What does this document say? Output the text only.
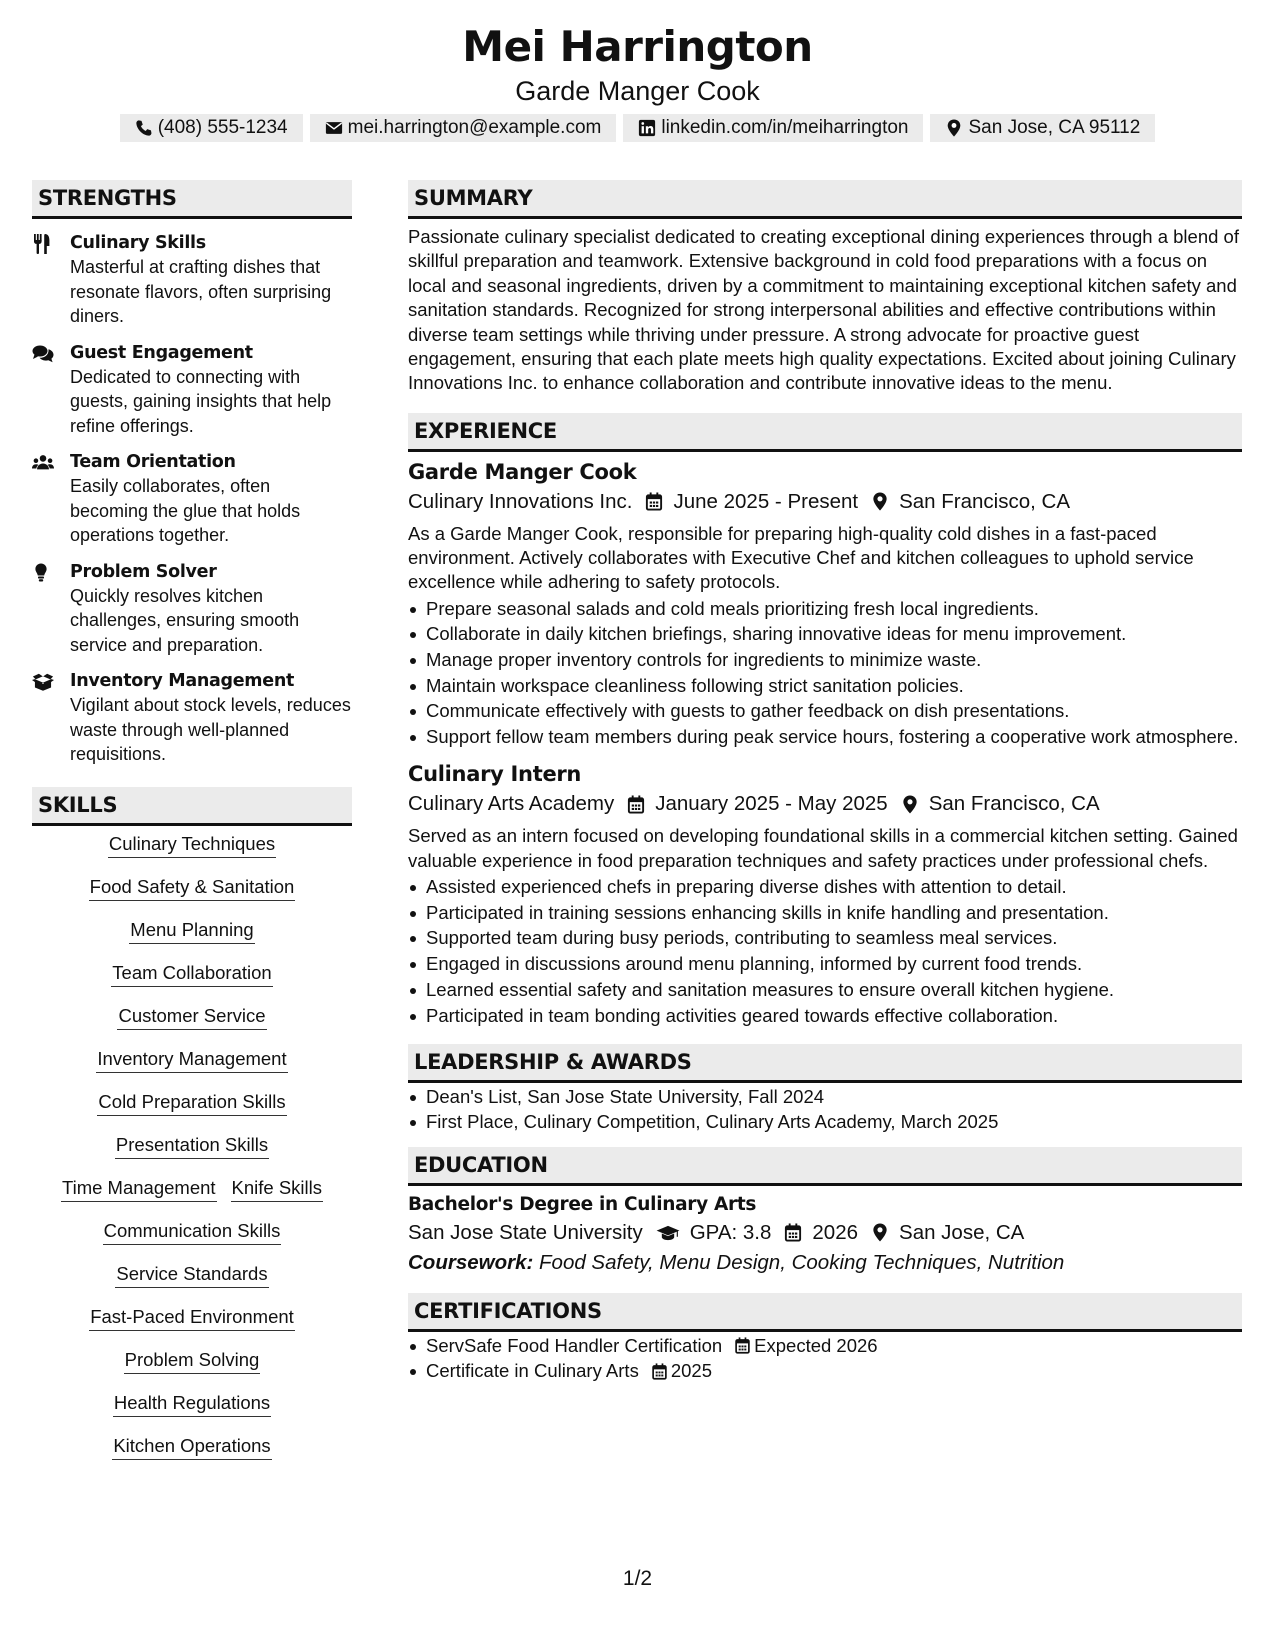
Mei Harrington
Garde Manger Cook
(408) 555-1234	mei.harrington@example.com	linkedin.com/in/meiharrington	San Jose, CA 95112
STRENGTHS
Culinary Skills
Masterful at crafting dishes that resonate flavors, often surprising diners.
Guest Engagement
Dedicated to connecting with guests, gaining insights that help refine offerings.
Team Orientation
Easily collaborates, often becoming the glue that holds operations together.
Problem Solver
Quickly resolves kitchen challenges, ensuring smooth service and preparation.
Inventory Management
Vigilant about stock levels, reduces waste through well-planned requisitions.
SKILLS
Culinary Techniques
Food Safety & Sanitation
Menu Planning
Team Collaboration
Customer Service
Inventory Management
Cold Preparation Skills
Presentation Skills
Time Management Knife Skills
Communication Skills
Service Standards
Fast-Paced Environment
Problem Solving
Health Regulations
Kitchen Operations
SUMMARY
Passionate culinary specialist dedicated to creating exceptional dining experiences through a blend of skillful preparation and teamwork. Extensive background in cold food preparations with a focus on local and seasonal ingredients, driven by a commitment to maintaining exceptional kitchen safety and sanitation standards. Recognized for strong interpersonal abilities and effective contributions within diverse team settings while thriving under pressure. A strong advocate for proactive guest engagement, ensuring that each plate meets high quality expectations. Excited about joining Culinary Innovations Inc. to enhance collaboration and contribute innovative ideas to the menu.
EXPERIENCE
Garde Manger Cook
Culinary Innovations Inc. June 2025 - Present San Francisco, CA
As a Garde Manger Cook, responsible for preparing high-quality cold dishes in a fast-paced environment. Actively collaborates with Executive Chef and kitchen colleagues to uphold service excellence while adhering to safety protocols.
Prepare seasonal salads and cold meals prioritizing fresh local ingredients.
Collaborate in daily kitchen briefings, sharing innovative ideas for menu improvement.
Manage proper inventory controls for ingredients to minimize waste.
Maintain workspace cleanliness following strict sanitation policies.
Communicate effectively with guests to gather feedback on dish presentations.
Support fellow team members during peak service hours, fostering a cooperative work atmosphere.
Culinary Intern
Culinary Arts Academy January 2025 - May 2025 San Francisco, CA
Served as an intern focused on developing foundational skills in a commercial kitchen setting. Gained valuable experience in food preparation techniques and safety practices under professional chefs.
Assisted experienced chefs in preparing diverse dishes with attention to detail.
Participated in training sessions enhancing skills in knife handling and presentation.
Supported team during busy periods, contributing to seamless meal services.
Engaged in discussions around menu planning, informed by current food trends.
Learned essential safety and sanitation measures to ensure overall kitchen hygiene.
Participated in team bonding activities geared towards effective collaboration.
LEADERSHIP & AWARDS
Dean's List, San Jose State University, Fall 2024
First Place, Culinary Competition, Culinary Arts Academy, March 2025
EDUCATION
Bachelor's Degree in Culinary Arts
San Jose State University GPA: 3.8 2026 San Jose, CA
Coursework: Food Safety, Menu Design, Cooking Techniques, Nutrition
CERTIFICATIONS
ServSafe Food Handler Certification Expected 2026
Certificate in Culinary Arts 2025
1/2
